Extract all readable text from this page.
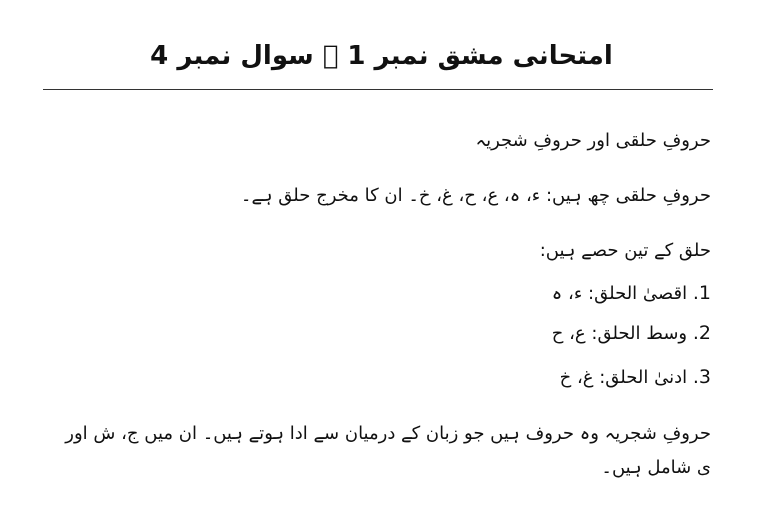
امتحانی مشق نمبر 1 ⃞ سوال نمبر 4

حروفِ حلقی اور حروفِ شجریہ

حروفِ حلقی چھ ہیں: ء، ہ، ع، ح، غ، خ۔ ان کا مخرج حلق ہے۔

حلق کے تین حصے ہیں:

1. اقصیٰ الحلق: ء، ہ

2. وسط الحلق: ع، ح

3. ادنیٰ الحلق: غ، خ

حروفِ شجریہ وہ حروف ہیں جو زبان کے درمیان سے ادا ہوتے ہیں۔ ان میں ج، ش اور ی شامل ہیں۔
